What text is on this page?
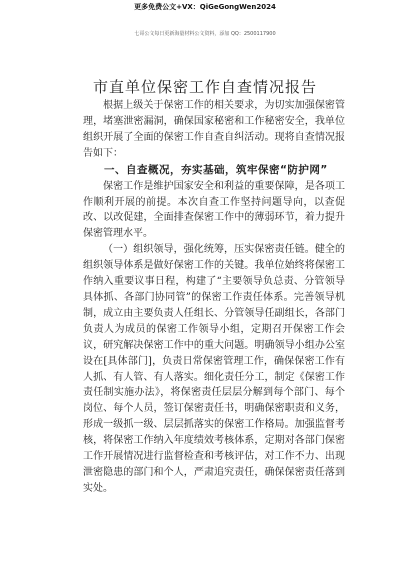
更多免费公文+VX：QiGeGongWen2024
七哥公文每日更新海量材料公文资料，添加 QQ：2500117900
市直单位保密工作自查情况报告

根据上级关于保密工作的相关要求，为切实加强保密管理，堵塞泄密漏洞，确保国家秘密和工作秘密安全，我单位组织开展了全面的保密工作自查自纠活动。现将自查情况报告如下：

一、自查概况，夯实基础，筑牢保密“防护网”

保密工作是维护国家安全和利益的重要保障，是各项工作顺利开展的前提。本次自查工作坚持问题导向，以查促改、以改促建，全面排查保密工作中的薄弱环节，着力提升保密管理水平。

（一）组织领导，强化统筹，压实保密责任链。健全的组织领导体系是做好保密工作的关键。我单位始终将保密工作纳入重要议事日程，构建了“主要领导负总责、分管领导具体抓、各部门协同管”的保密工作责任体系。完善领导机制，成立由主要负责人任组长、分管领导任副组长，各部门负责人为成员的保密工作领导小组，定期召开保密工作会议，研究解决保密工作中的重大问题。明确领导小组办公室设在[具体部门]，负责日常保密管理工作，确保保密工作有人抓、有人管、有人落实。细化责任分工，制定《保密工作责任制实施办法》，将保密责任层层分解到每个部门、每个岗位、每个人员，签订保密责任书，明确保密职责和义务，形成一级抓一级、层层抓落实的保密工作格局。加强监督考核，将保密工作纳入年度绩效考核体系，定期对各部门保密工作开展情况进行监督检查和考核评估，对工作不力、出现泄密隐患的部门和个人，严肃追究责任，确保保密责任落到实处。
